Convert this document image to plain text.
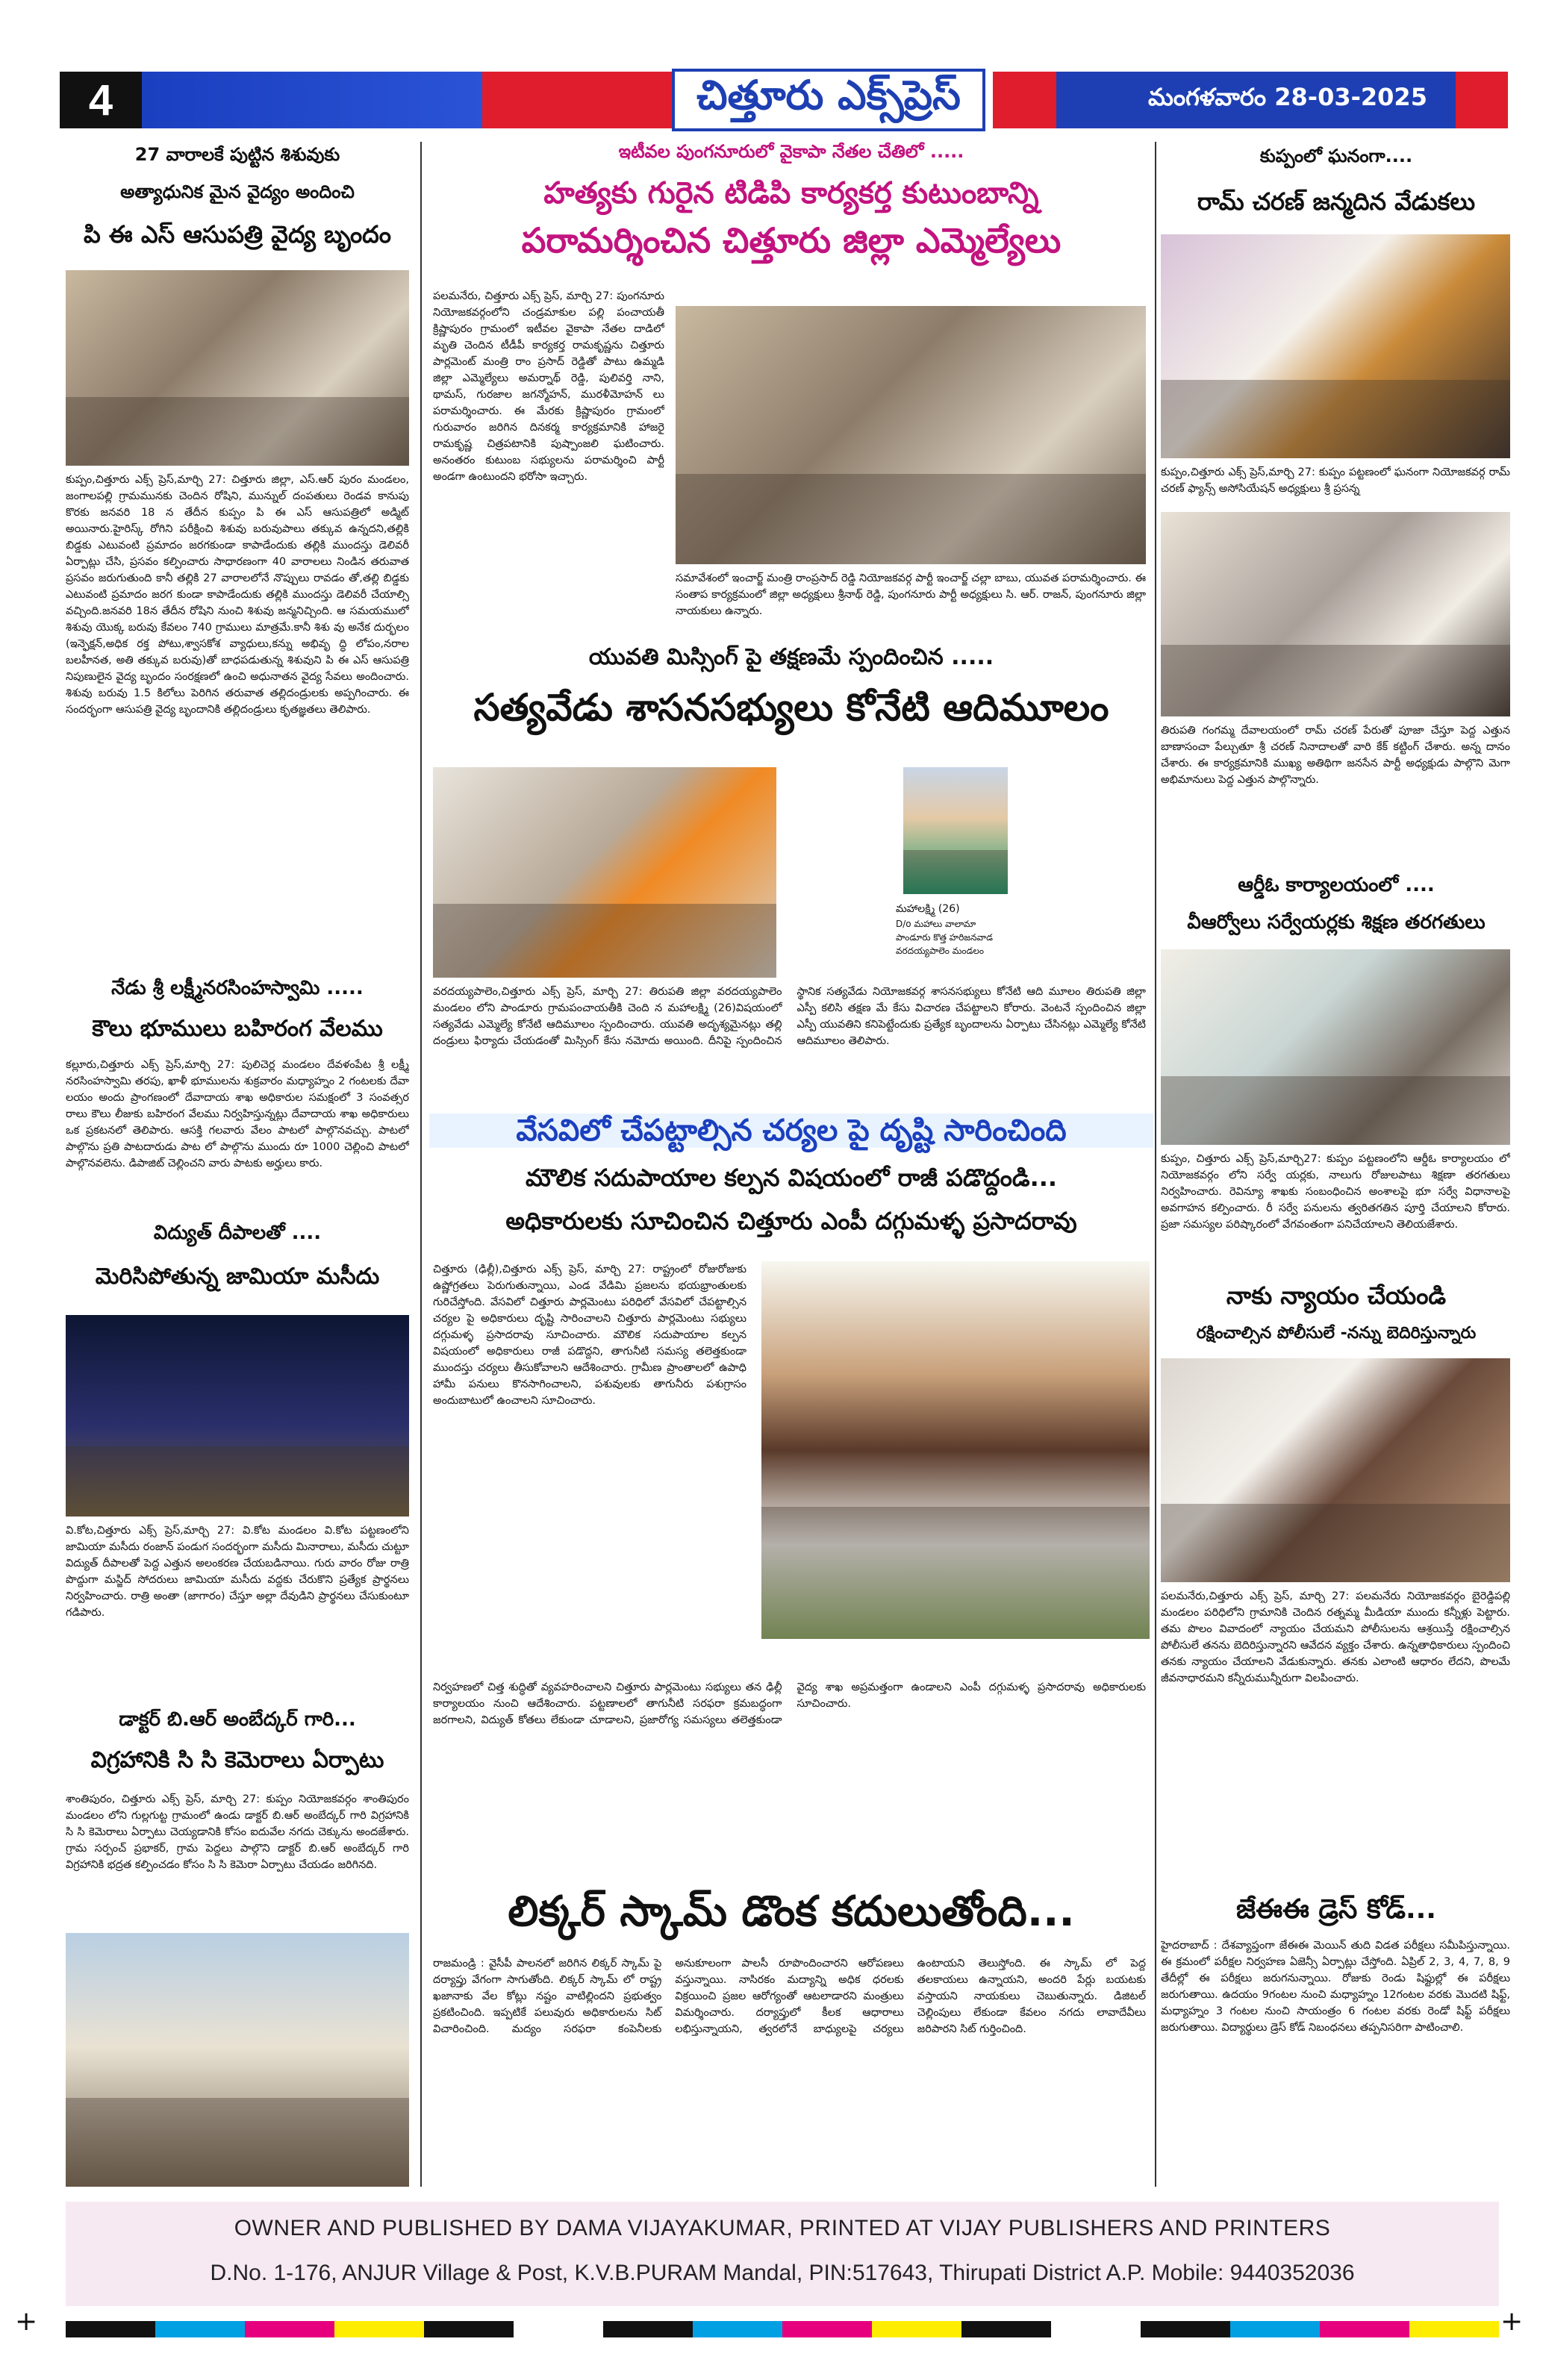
4	చిత్తూరు ఎక్స్‌ప్రెస్	మంగళవారం 28-03-2025
27 వారాలకే పుట్టిన శిశువుకు
అత్యాధునిక మైన వైద్యం అందించి
పి ఈ ఎస్ ఆసుపత్రి వైద్య బృందం
కుప్పం,చిత్తూరు ఎక్స్ ప్రెస్,మార్చి 27: చిత్తూరు జిల్లా, ఎస్.ఆర్ పురం మండలం, జంగాలపల్లి గ్రామమునకు చెందిన రోషిని, మున్నుల్ దంపతులు రెండవ కానుపు కొరకు జనవరి 18 న తేదీన కుప్పం పి ఈ ఎస్ ఆసుపత్రిలో అడ్మిట్ అయినారు.హైరిస్క్ రోగిని పరీక్షించి శిశువు బరువుపాలు తక్కువ ఉన్నదని,తల్లికి బిడ్డకు ఎటువంటి ప్రమాదం జరగకుండా కాపాడేందుకు తల్లికి ముందస్తు డెలివరీ ఏర్పాట్లు చేసి, ప్రసవం కల్పించారు సాధారణంగా 40 వారాలలు నిండిన తరువాత ప్రసవం జరుగుతుంది కానీ తల్లికి 27 వారాలలోనే నొప్పులు రావడం తో,తల్లి బిడ్డకు ఎటువంటి ప్రమాదం జరగ కుండా కాపాడేందుకు తల్లికి ముందస్తు డెలివరీ చేయాల్సి వచ్చింది.జనవరి 18న తేదీన రోషిని నుంచి శిశువు జన్మనిచ్చింది. ఆ సమయములో శిశువు యొక్క బరువు కేవలం 740 గ్రాములు మాత్రమే.కానీ శిశు వు అనేక దుర్భలం (ఇన్ఫెక్షన్,అధిక రక్త పోటు,శ్వాసకోశ వ్యాధులు,కన్ను అభివృ ద్ధి లోపం,నరాల బలహీనత, అతి తక్కువ బరువు)తో బాధపడుతున్న శిశువుని పి ఈ ఎస్ ఆసుపత్రి నిపుణులైన వైద్య బృందం సంరక్షణలో ఉంచి అధునాతన వైద్య సేవలు అందించారు. శిశువు బరువు 1.5 కిలోలు పెరిగిన తరువాత తల్లిదండ్రులకు అప్పగించారు. ఈ సందర్భంగా ఆసుపత్రి వైద్య బృందానికి తల్లిదండ్రులు కృతజ్ఞతలు తెలిపారు.
నేడు శ్రీ లక్ష్మీనరసింహస్వామి .....
కౌలు భూములు బహిరంగ వేలము
కల్లూరు,చిత్తూరు ఎక్స్ ప్రెస్,మార్చి 27: పులిచెర్ల మండలం దేవళంపేట శ్రీ లక్ష్మీ నరసింహస్వామి తరపు, ఖాళీ భూములను శుక్రవారం మధ్యాహ్నం 2 గంటలకు దేవా లయం అందు ప్రాంగణంలో దేవాదాయ శాఖ అధికారుల సమక్షంలో 3 సంవత్సర రాలు కౌలు లీజుకు బహిరంగ వేలము నిర్వహిస్తున్నట్లు దేవాదాయ శాఖ అధికారులు ఒక ప్రకటనలో తెలిపారు. ఆసక్తి గలవారు వేలం పాటలో పాల్గొనవచ్చు. పాటలో పాల్గొను ప్రతి పాటదారుడు పాట లో పాల్గొను ముందు రూ 1000 చెల్లించి పాటలో పాల్గొనవలెను. డిపాజిట్ చెల్లించని వారు పాటకు అర్హులు కారు.
విద్యుత్ దీపాలతో ....
మెరిసిపోతున్న జామియా మసీదు
వి.కోట,చిత్తూరు ఎక్స్ ప్రెస్,మార్చి 27: వి.కోట మండలం వి.కోట పట్టణంలోని జామియా మసీదు రంజాన్ పండుగ సందర్భంగా మసీదు మినారాలు, మసీదు చుట్టూ విద్యుత్ దీపాలతో పెద్ద ఎత్తున అలంకరణ చేయబడినాయి. గురు వారం రోజు రాత్రి పొద్దుగా మస్జిద్ సోదరులు జామియా మసీదు వద్దకు చేరుకొని ప్రత్యేక ప్రార్థనలు నిర్వహించారు. రాత్రి అంతా (జాగారం) చేస్తూ అల్లా దేవుడిని ప్రార్థనలు చేసుకుంటూ గడిపారు.
డాక్టర్ బి.ఆర్ అంబేద్కర్ గారి...
విగ్రహానికి సి సి కెమెరాలు ఏర్పాటు
శాంతిపురం, చిత్తూరు ఎక్స్ ప్రెస్, మార్చి 27: కుప్పం నియోజకవర్గం శాంతిపురం మండలం లోని గుల్లగుట్ట గ్రామంలో ఉండు డాక్టర్ బి.ఆర్ అంబేద్కర్ గారి విగ్రహానికి సి సి కెమెరాలు ఏర్పాటు చెయ్యడానికి కోసం ఐదువేల నగదు చెక్కును అందజేశారు. గ్రామ సర్పంచ్ ప్రభాకర్, గ్రామ పెద్దలు పాల్గొని డాక్టర్ బి.ఆర్ అంబేద్కర్ గారి విగ్రహానికి భద్రత కల్పించడం కోసం సి సి కెమెరా ఏర్పాటు చేయడం జరిగినది.
ఇటీవల పుంగనూరులో వైకాపా నేతల చేతిలో .....
హత్యకు గురైన టిడిపి కార్యకర్త కుటుంబాన్ని
పరామర్శించిన చిత్తూరు జిల్లా ఎమ్మెల్యేలు
పలమనేరు, చిత్తూరు ఎక్స్ ప్రెస్, మార్చి 27: పుంగనూరు నియోజకవర్గంలోని చండ్రమాకుల పల్లి పంచాయతీ క్రిష్ణాపురం గ్రామంలో ఇటీవల వైకాపా నేతల దాడిలో మృతి చెందిన టీడీపీ కార్యకర్త రామకృష్ణను చిత్తూరు పార్లమెంట్ మంత్రి రాం ప్రసాద్ రెడ్డితో పాటు ఉమ్మడి జిల్లా ఎమ్మెల్యేలు అమర్నాథ్ రెడ్డి, పులివర్తి నాని, థామస్, గురజాల జగన్మోహన్, మురళీమోహన్ లు పరామర్శించారు. ఈ మేరకు క్రిష్ణాపురం గ్రామంలో గురువారం జరిగిన దినకర్మ కార్యక్రమానికి హాజరై రామకృష్ణ చిత్రపటానికి పుష్పాంజలి ఘటించారు. అనంతరం కుటుంబ సభ్యులను పరామర్శించి పార్టీ అండగా ఉంటుందని భరోసా ఇచ్చారు.
సమావేశంలో ఇంచార్జ్ మంత్రి రాంప్రసాద్ రెడ్డి నియోజకవర్గ పార్టీ ఇంచార్జ్ చల్లా బాబు, యువత పరామర్శించారు. ఈ సంతాప కార్యక్రమంలో జిల్లా అధ్యక్షులు శ్రీనాథ్ రెడ్డి, పుంగనూరు పార్టీ అధ్యక్షులు సి. ఆర్. రాజన్, పుంగనూరు జిల్లా నాయకులు ఉన్నారు.
యువతి మిస్సింగ్ పై తక్షణమే స్పందించిన .....
సత్యవేడు శాసనసభ్యులు కోనేటి ఆదిమూలం
మహాలక్ష్మి (26)
D/o మహాలు వాలామా
పాండూరు కొత్త హరిజనవాడ
వరదయ్యపాలెం మండలం
వరదయ్యపాలెం,చిత్తూరు ఎక్స్ ప్రెస్, మార్చి 27: తిరుపతి జిల్లా వరదయ్యపాలెం మండలం లోని పాండూరు గ్రామపంచాయతీకి చెంది న మహాలక్ష్మి (26)విషయంలో సత్యవేడు ఎమ్మెల్యే కోనేటి ఆదిమూలం స్పందించారు. యువతి అదృశ్యమైనట్లు తల్లి దండ్రులు ఫిర్యాదు చేయడంతో మిస్సింగ్ కేసు నమోదు అయింది. దీనిపై స్పందించిన స్థానిక సత్యవేడు నియోజకవర్గ శాసనసభ్యులు కోనేటి ఆది మూలం తిరుపతి జిల్లా ఎస్పీ కలిసి తక్షణ మే కేసు విచారణ చేపట్టాలని కోరారు. వెంటనే స్పందించిన జిల్లా ఎస్పీ యువతిని కనిపెట్టేందుకు ప్రత్యేక బృందాలను ఏర్పాటు చేసినట్లు ఎమ్మెల్యే కోనేటి ఆదిమూలం తెలిపారు.
వేసవిలో చేపట్టాల్సిన చర్యల పై దృష్టి సారించింది
మౌలిక సదుపాయాల కల్పన విషయంలో రాజీ పడొద్దండి...
అధికారులకు సూచించిన చిత్తూరు ఎంపీ దగ్గుమళ్ళ ప్రసాదరావు
చిత్తూరు (ఢిల్లీ),చిత్తూరు ఎక్స్ ప్రెస్, మార్చి 27: రాష్ట్రంలో రోజురోజుకు ఉష్ణోగ్రతలు పెరుగుతున్నాయి, ఎండ వేడిమి ప్రజలను భయభ్రాంతులకు గురిచేస్తోంది. వేసవిలో చిత్తూరు పార్లమెంటు పరిధిలో వేసవిలో చేపట్టాల్సిన చర్యల పై అధికారులు దృష్టి సారించాలని చిత్తూరు పార్లమెంటు సభ్యులు దగ్గుమళ్ళ ప్రసాదరావు సూచించారు. మౌలిక సదుపాయాల కల్పన విషయంలో అధికారులు రాజీ పడొద్దని, తాగునీటి సమస్య తలెత్తకుండా ముందస్తు చర్యలు తీసుకోవాలని ఆదేశించారు. గ్రామీణ ప్రాంతాలలో ఉపాధి హామీ పనులు కొనసాగించాలని, పశువులకు తాగునీరు పశుగ్రాసం అందుబాటులో ఉంచాలని సూచించారు.
నిర్వహణలో చిత్త శుద్ధితో వ్యవహరించాలని చిత్తూరు పార్లమెంటు సభ్యులు తన ఢిల్లీ కార్యాలయం నుంచి ఆదేశించారు. పట్టణాలలో తాగునీటి సరఫరా క్రమబద్ధంగా జరగాలని, విద్యుత్ కోతలు లేకుండా చూడాలని, ప్రజారోగ్య సమస్యలు తలెత్తకుండా వైద్య శాఖ అప్రమత్తంగా ఉండాలని ఎంపీ దగ్గుమళ్ళ ప్రసాదరావు అధికారులకు సూచించారు.
లిక్కర్ స్కామ్ డొంక కదులుతోంది...
రాజమండ్రి : వైసీపీ పాలనలో జరిగిన లిక్కర్ స్కామ్ పై దర్యాప్తు వేగంగా సాగుతోంది. లిక్కర్ స్కామ్ లో రాష్ట్ర ఖజానాకు వేల కోట్లు నష్టం వాటిల్లిందని ప్రభుత్వం ప్రకటించింది. ఇప్పటికే పలువురు అధికారులను సిట్ విచారించింది. మద్యం సరఫరా కంపెనీలకు అనుకూలంగా పాలసీ రూపొందించారని ఆరోపణలు వస్తున్నాయి. నాసిరకం మద్యాన్ని అధిక ధరలకు విక్రయించి ప్రజల ఆరోగ్యంతో ఆటలాడారని మంత్రులు విమర్శించారు. దర్యాప్తులో కీలక ఆధారాలు లభిస్తున్నాయని, త్వరలోనే బాధ్యులపై చర్యలు ఉంటాయని తెలుస్తోంది. ఈ స్కామ్ లో పెద్ద తలకాయలు ఉన్నాయని, అందరి పేర్లు బయటకు వస్తాయని నాయకులు చెబుతున్నారు. డిజిటల్ చెల్లింపులు లేకుండా కేవలం నగదు లావాదేవీలు జరిపారని సిట్ గుర్తించింది.
కుప్పంలో ఘనంగా....
రామ్ చరణ్ జన్మదిన వేడుకలు
కుప్పం,చిత్తూరు ఎక్స్ ప్రెస్,మార్చి 27: కుప్పం పట్టణంలో ఘనంగా నియోజకవర్గ రామ్ చరణ్ ఫ్యాన్స్ అసోసియేషన్ అధ్యక్షులు శ్రీ ప్రసన్న
తిరుపతి గంగమ్మ దేవాలయంలో రామ్ చరణ్ పేరుతో పూజా చేస్తూ పెద్ద ఎత్తున బాణాసంచా పేల్చుతూ శ్రీ చరణ్ నినాదాలతో వారి కేక్ కట్టింగ్ చేశారు. అన్న దానం చేశారు. ఈ కార్యక్రమానికి ముఖ్య అతిథిగా జనసేన పార్టీ అధ్యక్షుడు పాల్గొని మెగా అభిమానులు పెద్ద ఎత్తున పాల్గొన్నారు.
ఆర్డీఓ కార్యాలయంలో ....
వీఆర్వోలు సర్వేయర్లకు శిక్షణ తరగతులు
కుప్పం, చిత్తూరు ఎక్స్ ప్రెస్,మార్చి27: కుప్పం పట్టణంలోని ఆర్డీఓ కార్యాలయం లో నియోజకవర్గం లోని సర్వే యర్లకు, నాలుగు రోజులపాటు శిక్షణా తరగతులు నిర్వహించారు. రెవిన్యూ శాఖకు సంబంధించిన అంశాలపై భూ సర్వే విధానాలపై అవగాహన కల్పించారు. రీ సర్వే పనులను త్వరితగతిన పూర్తి చేయాలని కోరారు. ప్రజా సమస్యల పరిష్కారంలో వేగవంతంగా పనిచేయాలని తెలియజేశారు.
నాకు న్యాయం చేయండి
రక్షించాల్సిన పోలీసులే -నన్ను బెదిరిస్తున్నారు
పలమనేరు,చిత్తూరు ఎక్స్ ప్రెస్, మార్చి 27: పలమనేరు నియోజకవర్గం బైరెడ్డిపల్లి మండలం పరిధిలోని గ్రామానికి చెందిన రత్నమ్మ మీడియా ముందు కన్నీళ్లు పెట్టారు. తమ పొలం వివాదంలో న్యాయం చేయమని పోలీసులను ఆశ్రయిస్తే రక్షించాల్సిన పోలీసులే తనను బెదిరిస్తున్నారని ఆవేదన వ్యక్తం చేశారు. ఉన్నతాధికారులు స్పందించి తనకు న్యాయం చేయాలని వేడుకున్నారు. తనకు ఎలాంటి ఆధారం లేదని, పొలమే జీవనాధారమని కన్నీరుమున్నీరుగా విలపించారు.
జేఈఈ డ్రెస్ కోడ్...
హైదరాబాద్ : దేశవ్యాప్తంగా జేఈఈ మెయిన్ తుది విడత పరీక్షలు సమీపిస్తున్నాయి. ఈ క్రమంలో పరీక్షల నిర్వహణ ఏజెన్సీ ఏర్పాట్లు చేస్తోంది. ఏప్రిల్ 2, 3, 4, 7, 8, 9 తేదీల్లో ఈ పరీక్షలు జరుగనున్నాయి. రోజుకు రెండు షిఫ్టుల్లో ఈ పరీక్షలు జరుగుతాయి. ఉదయం 9గంటల నుంచి మధ్యాహ్నం 12గంటల వరకు మొదటి షిఫ్ట్, మధ్యాహ్నం 3 గంటల నుంచి సాయంత్రం 6 గంటల వరకు రెండో షిఫ్ట్ పరీక్షలు జరుగుతాయి. విద్యార్థులు డ్రెస్ కోడ్ నిబంధనలు తప్పనిసరిగా పాటించాలి.
OWNER AND PUBLISHED BY DAMA VIJAYAKUMAR, PRINTED AT VIJAY PUBLISHERS AND PRINTERS
D.No. 1-176, ANJUR Village & Post, K.V.B.PURAM Mandal, PIN:517643, Thirupati District A.P. Mobile: 9440352036
+	+
